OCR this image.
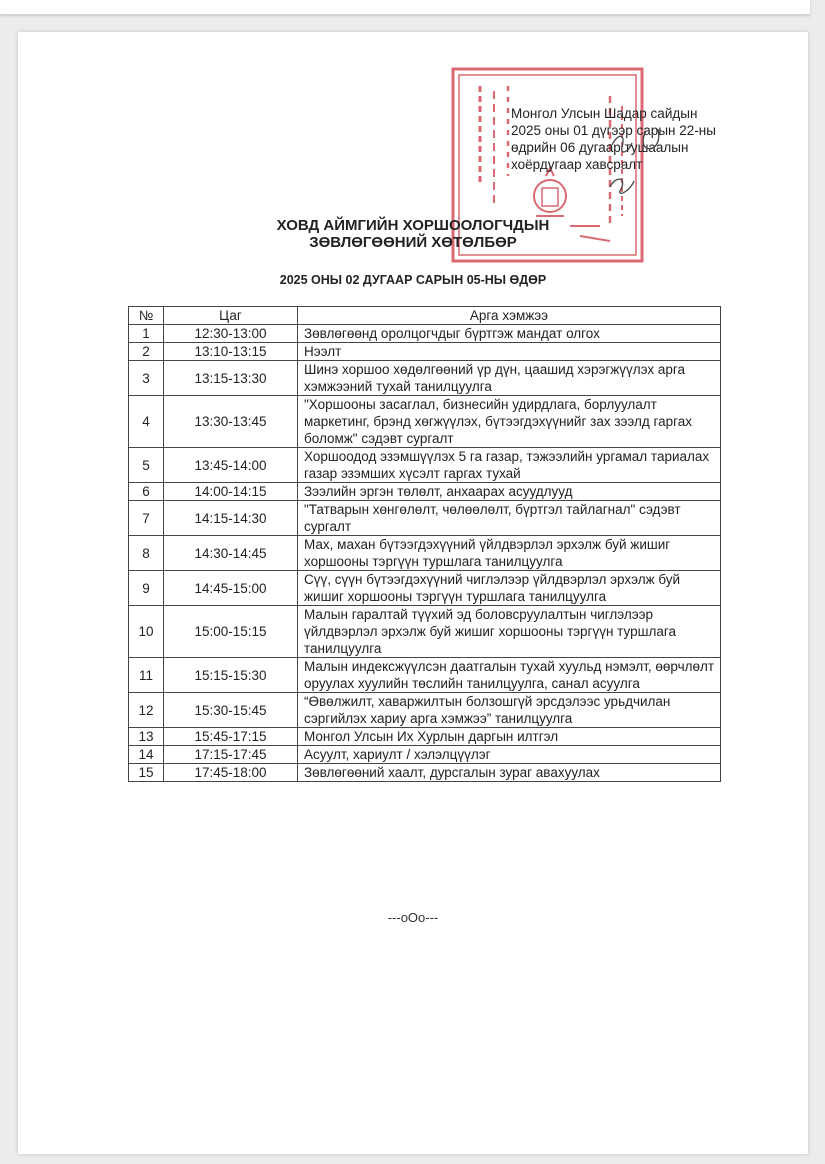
Монгол Улсын Шадар сайдын
2025 оны 01 дүгээр сарын 22-ны
өдрийн 06 дугаар тушаалын
хоёрдугаар хавсралт
ХОВД АЙМГИЙН ХОРШООЛОГЧДЫН
ЗӨВЛӨГӨӨНИЙ ХӨТӨЛБӨР
2025 ОНЫ 02 ДУГААР САРЫН 05-НЫ ӨДӨР
№	Цаг	Арга хэмжээ
1	12:30-13:00	Зөвлөгөөнд оролцогчдыг бүртгэж мандат олгох
2	13:10-13:15	Нээлт
3	13:15-13:30	Шинэ хоршоо хөдөлгөөний үр дүн, цаашид хэрэгжүүлэх арга хэмжээний тухай танилцуулга
4	13:30-13:45	"Хоршооны засаглал, бизнесийн удирдлага, борлуулалт маркетинг, брэнд хөгжүүлэх, бүтээгдэхүүнийг зах зээлд гаргах боломж" сэдэвт сургалт
5	13:45-14:00	Хоршоодод эзэмшүүлэх 5 га газар, тэжээлийн ургамал тариалах газар эзэмших хүсэлт гаргах тухай
6	14:00-14:15	Зээлийн эргэн төлөлт, анхаарах асуудлууд
7	14:15-14:30	"Татварын хөнгөлөлт, чөлөөлөлт, бүртгэл тайлагнал" сэдэвт сургалт
8	14:30-14:45	Мах, махан бүтээгдэхүүний үйлдвэрлэл эрхэлж буй жишиг хоршооны тэргүүн туршлага танилцуулга
9	14:45-15:00	Сүү, сүүн бүтээгдэхүүний чиглэлээр үйлдвэрлэл эрхэлж буй жишиг хоршооны тэргүүн туршлага танилцуулга
10	15:00-15:15	Малын гаралтай түүхий эд боловсруулалтын чиглэлээр үйлдвэрлэл эрхэлж буй жишиг хоршооны тэргүүн туршлага танилцуулга
11	15:15-15:30	Малын индексжүүлсэн даатгалын тухай хуульд нэмэлт, өөрчлөлт оруулах хуулийн төслийн танилцуулга, санал асуулга
12	15:30-15:45	“Өвөлжилт, хаваржилтын болзошгүй эрсдэлээс урьдчилан сэргийлэх хариу арга хэмжээ” танилцуулга
13	15:45-17:15	Монгол Улсын Их Хурлын даргын илтгэл
14	17:15-17:45	Асуулт, хариулт / хэлэлцүүлэг
15	17:45-18:00	Зөвлөгөөний хаалт, дурсгалын зураг авахуулах
---oOo---
